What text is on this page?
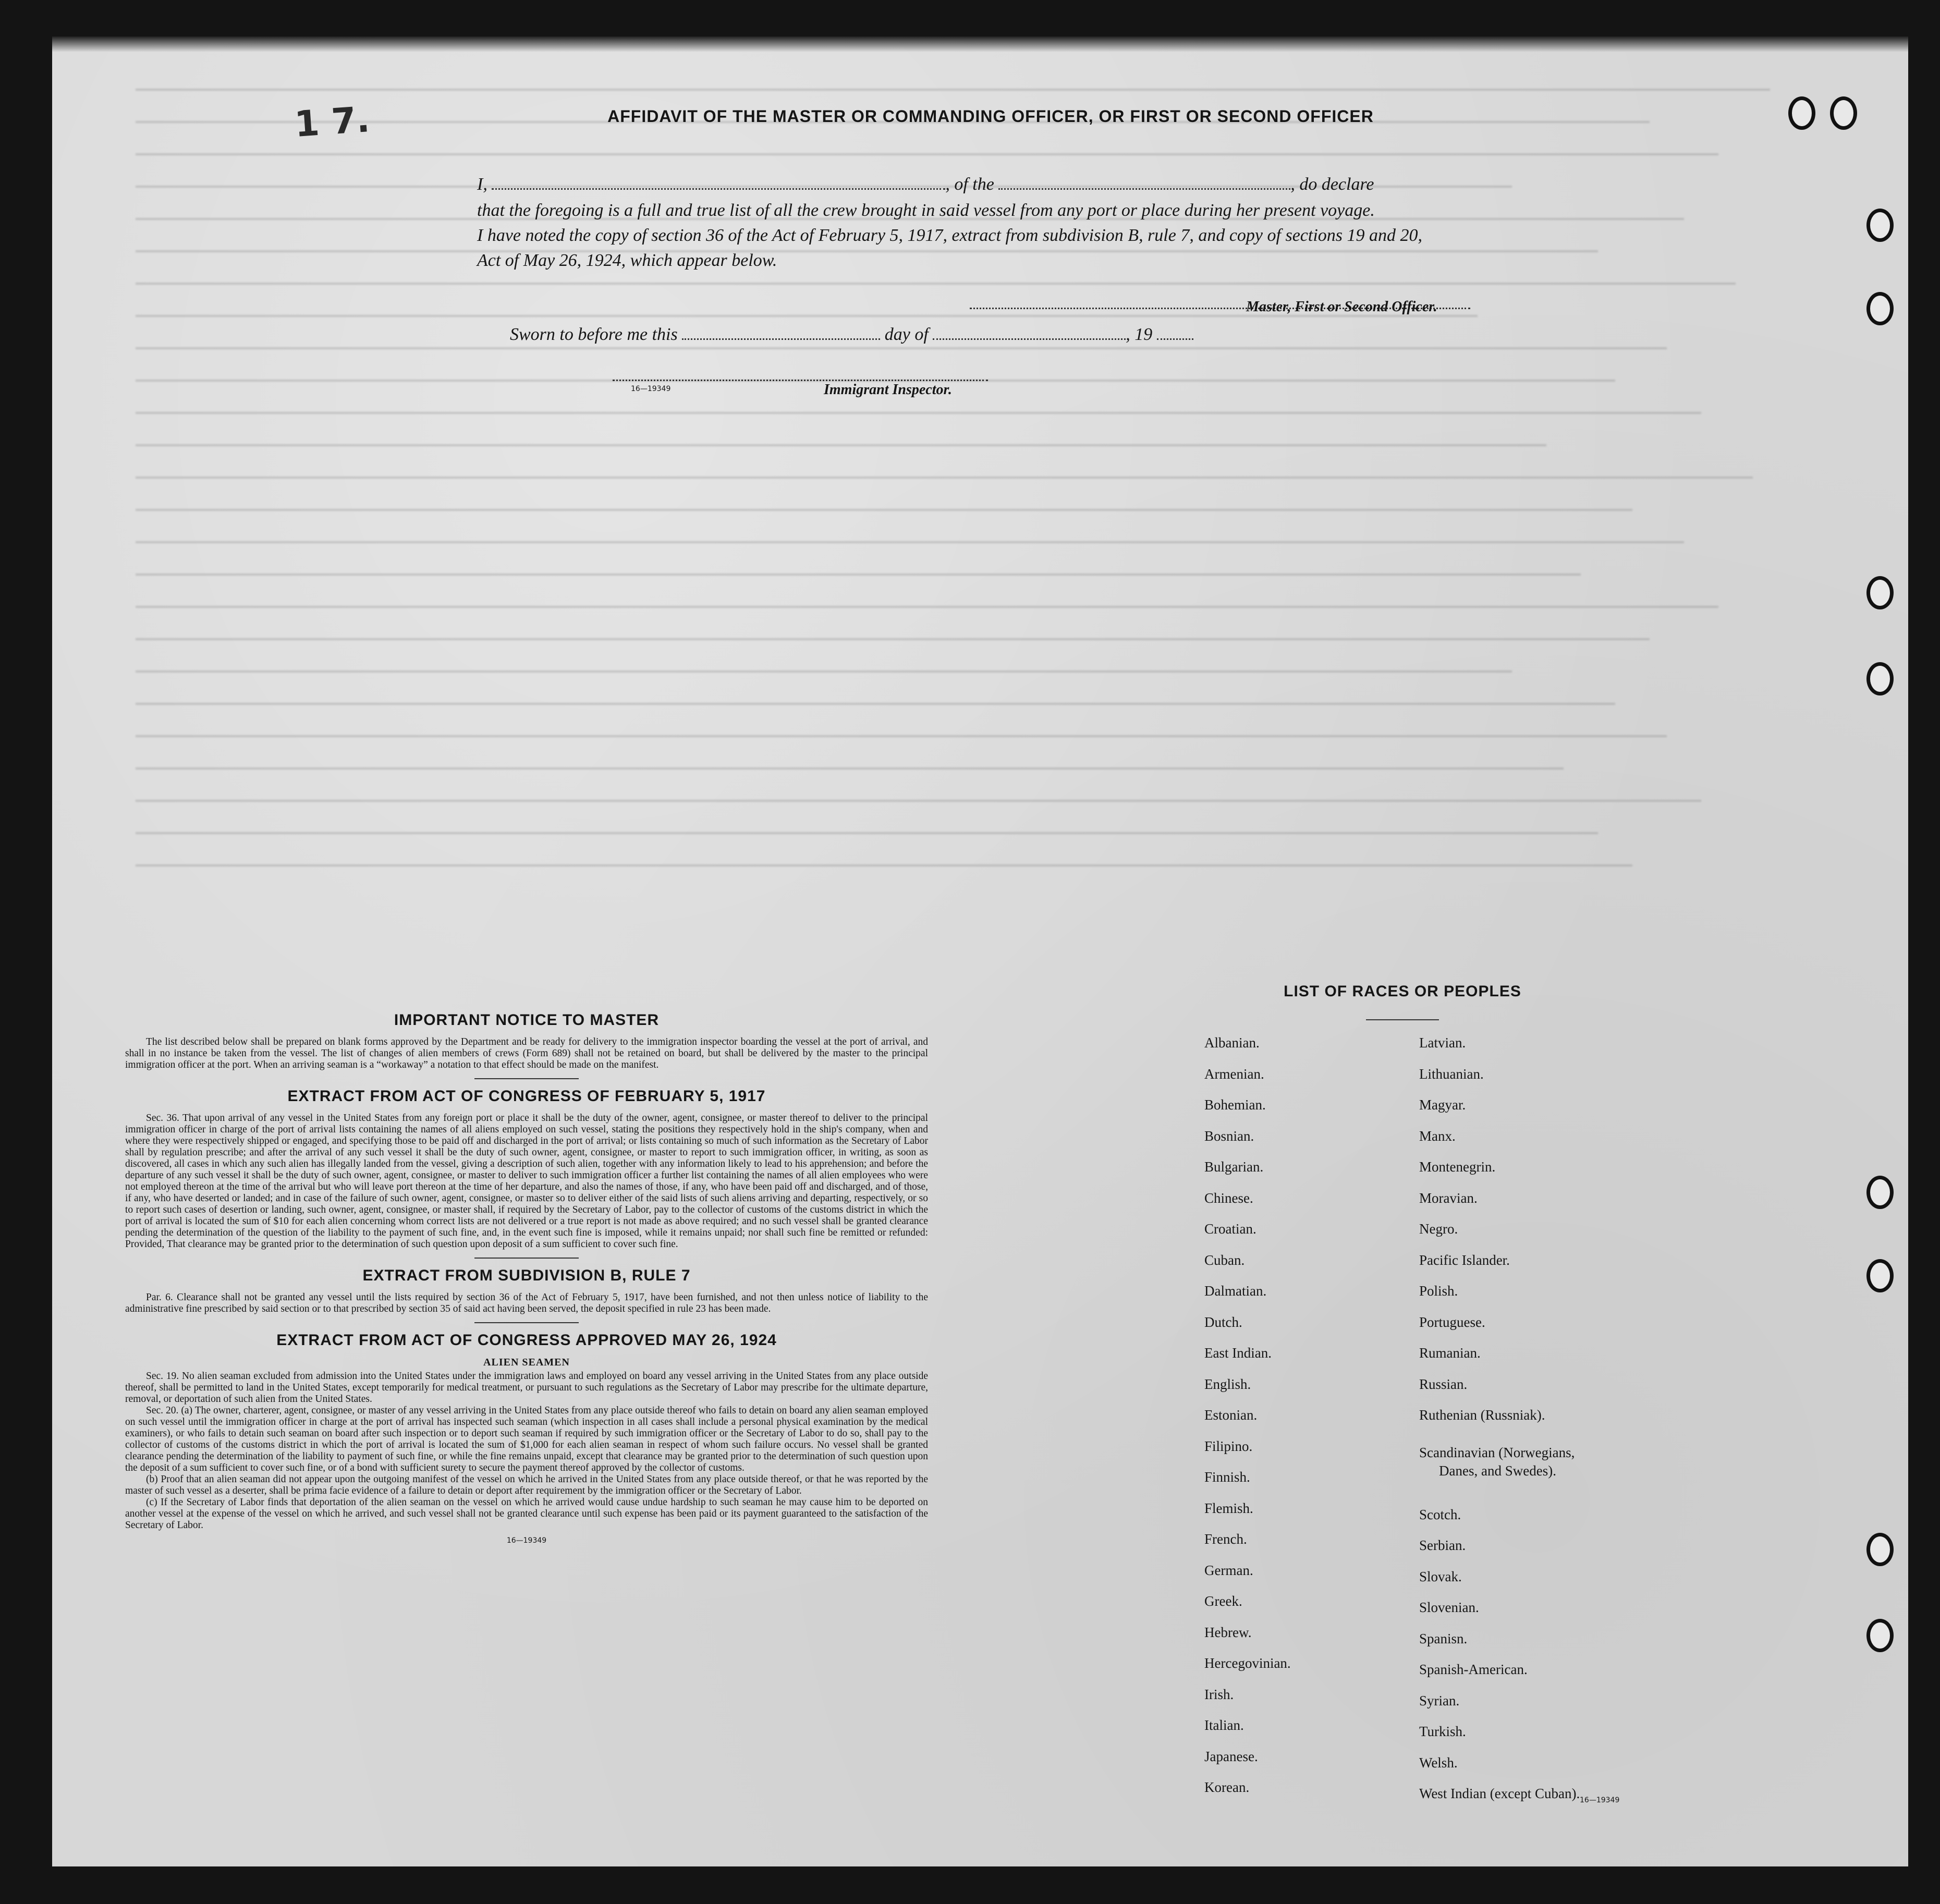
1 7.	AFFIDAVIT OF THE MASTER OR COMMANDING OFFICER, OR FIRST OR SECOND OFFICER
I,	, of the	, do declare
that the foregoing is a full and true list of all the crew brought in said vessel from any port or place during her present voyage.
I have noted the copy of section 36 of the Act of February 5, 1917, extract from subdivision B, rule 7, and copy of sections 19 and 20,
Act of May 26, 1924, which appear below.
Master, First or Second Officer.
Sworn to before me this	day of	, 19
16—19349	Immigrant Inspector.
IMPORTANT NOTICE TO MASTER

The list described below shall be prepared on blank forms approved by the Department and be ready for delivery to the immigration inspector boarding the vessel at the port of arrival, and shall in no instance be taken from the vessel. The list of changes of alien members of crews (Form 689) shall not be retained on board, but shall be delivered by the master to the principal immigration officer at the port. When an arriving seaman is a “workaway” a notation to that effect should be made on the manifest.

EXTRACT FROM ACT OF CONGRESS OF FEBRUARY 5, 1917

Sec. 36. That upon arrival of any vessel in the United States from any foreign port or place it shall be the duty of the owner, agent, consignee, or master thereof to deliver to the principal immigration officer in charge of the port of arrival lists containing the names of all aliens employed on such vessel, stating the positions they respectively hold in the ship's company, when and where they were respectively shipped or engaged, and specifying those to be paid off and discharged in the port of arrival; or lists containing so much of such information as the Secretary of Labor shall by regulation prescribe; and after the arrival of any such vessel it shall be the duty of such owner, agent, consignee, or master to report to such immigration officer, in writing, as soon as discovered, all cases in which any such alien has illegally landed from the vessel, giving a description of such alien, together with any information likely to lead to his apprehension; and before the departure of any such vessel it shall be the duty of such owner, agent, consignee, or master to deliver to such immigration officer a further list containing the names of all alien employees who were not employed thereon at the time of the arrival but who will leave port thereon at the time of her departure, and also the names of those, if any, who have been paid off and discharged, and of those, if any, who have deserted or landed; and in case of the failure of such owner, agent, consignee, or master so to deliver either of the said lists of such aliens arriving and departing, respectively, or so to report such cases of desertion or landing, such owner, agent, consignee, or master shall, if required by the Secretary of Labor, pay to the collector of customs of the customs district in which the port of arrival is located the sum of $10 for each alien concerning whom correct lists are not delivered or a true report is not made as above required; and no such vessel shall be granted clearance pending the determination of the question of the liability to the payment of such fine, and, in the event such fine is imposed, while it remains unpaid; nor shall such fine be remitted or refunded: Provided, That clearance may be granted prior to the determination of such question upon deposit of a sum sufficient to cover such fine.

EXTRACT FROM SUBDIVISION B, RULE 7

Par. 6. Clearance shall not be granted any vessel until the lists required by section 36 of the Act of February 5, 1917, have been furnished, and not then unless notice of liability to the administrative fine prescribed by said section or to that prescribed by section 35 of said act having been served, the deposit specified in rule 23 has been made.

EXTRACT FROM ACT OF CONGRESS APPROVED MAY 26, 1924
ALIEN SEAMEN

Sec. 19. No alien seaman excluded from admission into the United States under the immigration laws and employed on board any vessel arriving in the United States from any place outside thereof, shall be permitted to land in the United States, except temporarily for medical treatment, or pursuant to such regulations as the Secretary of Labor may prescribe for the ultimate departure, removal, or deportation of such alien from the United States.

Sec. 20. (a) The owner, charterer, agent, consignee, or master of any vessel arriving in the United States from any place outside thereof who fails to detain on board any alien seaman employed on such vessel until the immigration officer in charge at the port of arrival has inspected such seaman (which inspection in all cases shall include a personal physical examination by the medical examiners), or who fails to detain such seaman on board after such inspection or to deport such seaman if required by such immigration officer or the Secretary of Labor to do so, shall pay to the collector of customs of the customs district in which the port of arrival is located the sum of $1,000 for each alien seaman in respect of whom such failure occurs. No vessel shall be granted clearance pending the determination of the liability to payment of such fine, or while the fine remains unpaid, except that clearance may be granted prior to the determination of such question upon the deposit of a sum sufficient to cover such fine, or of a bond with sufficient surety to secure the payment thereof approved by the collector of customs.

(b) Proof that an alien seaman did not appear upon the outgoing manifest of the vessel on which he arrived in the United States from any place outside thereof, or that he was reported by the master of such vessel as a deserter, shall be prima facie evidence of a failure to detain or deport after requirement by the immigration officer or the Secretary of Labor.

(c) If the Secretary of Labor finds that deportation of the alien seaman on the vessel on which he arrived would cause undue hardship to such seaman he may cause him to be deported on another vessel at the expense of the vessel on which he arrived, and such vessel shall not be granted clearance until such expense has been paid or its payment guaranteed to the satisfaction of the Secretary of Labor.

16—19349
LIST OF RACES OR PEOPLES
Albanian.
Armenian.
Bohemian.
Bosnian.
Bulgarian.
Chinese.
Croatian.
Cuban.
Dalmatian.
Dutch.
East Indian.
English.
Estonian.
Filipino.
Finnish.
Flemish.
French.
German.
Greek.
Hebrew.
Hercegovinian.
Irish.
Italian.
Japanese.
Korean.
Latvian.
Lithuanian.
Magyar.
Manx.
Montenegrin.
Moravian.
Negro.
Pacific Islander.
Polish.
Portuguese.
Rumanian.
Russian.
Ruthenian (Russniak).
Scandinavian (Norwegians,
Danes, and Swedes).
Scotch.
Serbian.
Slovak.
Slovenian.
Spanisn.
Spanish-American.
Syrian.
Turkish.
Welsh.
West Indian (except Cuban). 16—19349
